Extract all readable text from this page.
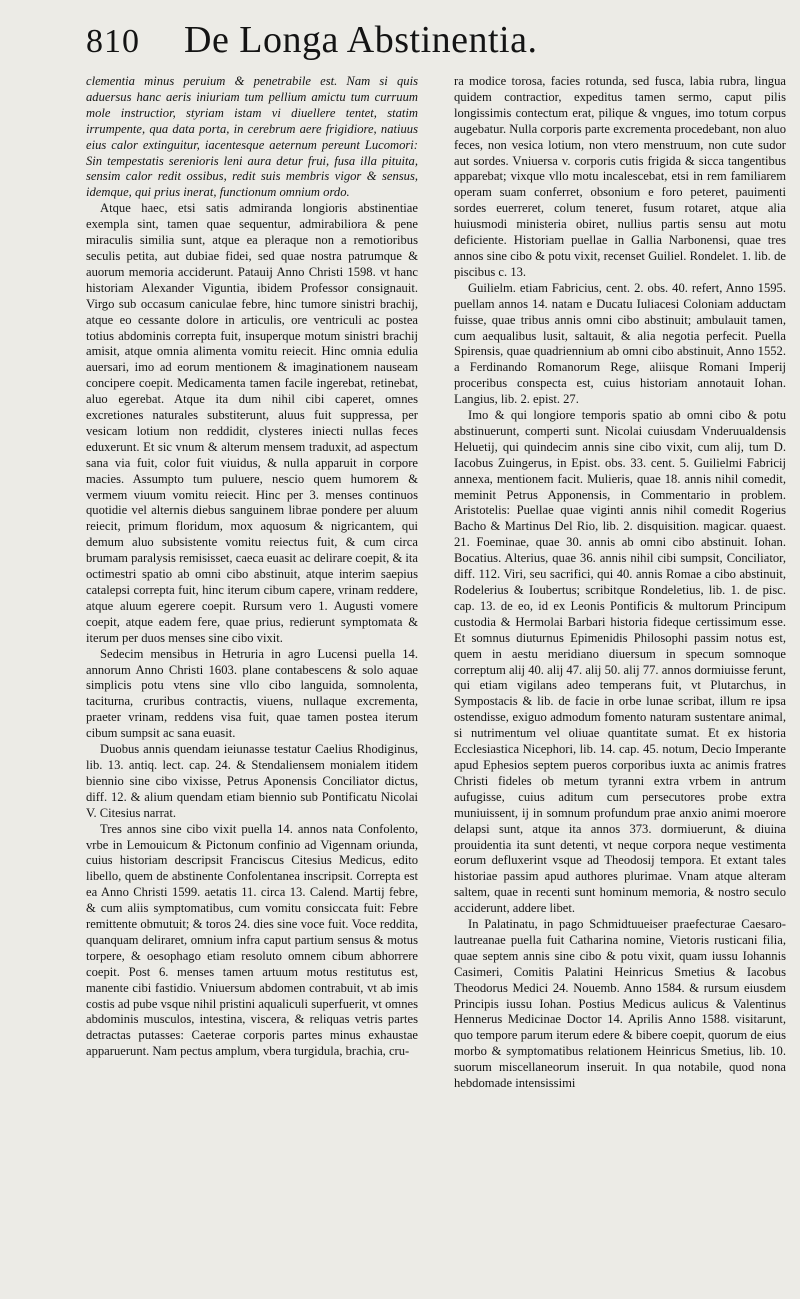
810 De Longa Abstinentia.

clementia minus peruium & penetrabile est. Nam si quis aduersus hanc aeris iniuriam tum pellium amictu tum curruum mole instructior, styriam istam vi diuellere tentet, statim irrumpente, qua data porta, in cerebrum aere frigidiore, natiuus eius calor extinguitur, iacentesque aeternum pereunt Lucomori: Sin tempestatis serenioris leni aura detur frui, fusa illa pituita, sensim calor redit ossibus, redit suis membris vigor & sensus, idemque, qui prius inerat, functionum omnium ordo.

Atque haec, etsi satis admiranda longioris abstinentiae exempla sint, tamen quae sequentur, admirabiliora & pene miraculis similia sunt, atque ea pleraque non a remotioribus seculis petita, aut dubiae fidei, sed quae nostra patrumque & auorum memoria acciderunt. Patauij Anno Christi 1598. vt hanc historiam Alexander Viguntia, ibidem Professor consignauit. Virgo sub occasum caniculae febre, hinc tumore sinistri brachij, atque eo cessante dolore in articulis, ore ventriculi ac postea totius abdominis correpta fuit, insuperque motum sinistri brachij amisit, atque omnia alimenta vomitu reiecit. Hinc omnia edulia auersari, imo ad eorum mentionem & imaginationem nauseam concipere coepit. Medicamenta tamen facile ingerebat, retinebat, aluo egerebat. Atque ita dum nihil cibi caperet, omnes excretiones naturales substiterunt, aluus fuit suppressa, per vesicam lotium non reddidit, clysteres iniecti nullas feces eduxerunt. Et sic vnum & alterum mensem traduxit, ad aspectum sana via fuit, color fuit viuidus, & nulla apparuit in corpore macies. Assumpto tum puluere, nescio quem humorem & vermem viuum vomitu reiecit. Hinc per 3. menses continuos quotidie vel alternis diebus sanguinem librae pondere per aluum reiecit, primum floridum, mox aquosum & nigricantem, qui demum aluo subsistente vomitu reiectus fuit, & cum circa brumam paralysis remisisset, caeca euasit ac delirare coepit, & ita octimestri spatio ab omni cibo abstinuit, atque interim saepius catalepsi correpta fuit, hinc iterum cibum capere, vrinam reddere, atque aluum egerere coepit. Rursum vero 1. Augusti vomere coepit, atque eadem fere, quae prius, redierunt symptomata & iterum per duos menses sine cibo vixit.

Sedecim mensibus in Hetruria in agro Lucensi puella 14. annorum Anno Christi 1603. plane contabescens & solo aquae simplicis potu vtens sine vllo cibo languida, somnolenta, taciturna, cruribus contractis, viuens, nullaque excrementa, praeter vrinam, reddens visa fuit, quae tamen postea iterum cibum sumpsit ac sana euasit.

Duobus annis quendam ieiunasse testatur Caelius Rhodiginus, lib. 13. antiq. lect. cap. 24. & Stendaliensem monialem itidem biennio sine cibo vixisse, Petrus Aponensis Conciliator dictus, diff. 12. & alium quendam etiam biennio sub Pontificatu Nicolai V. Citesius narrat.

Tres annos sine cibo vixit puella 14. annos nata Confolento, vrbe in Lemouicum & Pictonum confinio ad Vigennam oriunda, cuius historiam descripsit Franciscus Citesius Medicus, edito libello, quem de abstinente Confolentanea inscripsit. Correpta est ea Anno Christi 1599. aetatis 11. circa 13. Calend. Martij febre, & cum aliis symptomatibus, cum vomitu consiccata fuit: Febre remittente obmutuit; & toros 24. dies sine voce fuit. Voce reddita, quanquam deliraret, omnium infra caput partium sensus & motus torpere, & oesophago etiam resoluto omnem cibum abhorrere coepit. Post 6. menses tamen artuum motus restitutus est, manente cibi fastidio. Vniuersum abdomen contrabuit, vt ab imis costis ad pube vsque nihil pristini aqualiculi superfuerit, vt omnes abdominis musculos, intestina, viscera, & reliquas vetris partes detractas putasses: Caeterae corporis partes minus exhaustae apparuerunt. Nam pectus amplum, vbera turgidula, brachia, cru-

ra modice torosa, facies rotunda, sed fusca, labia rubra, lingua quidem contractior, expeditus tamen sermo, caput pilis longissimis contectum erat, pilique & vngues, imo totum corpus augebatur. Nulla corporis parte excrementa procedebant, non aluo feces, non vesica lotium, non vtero menstruum, non cute sudor aut sordes. Vniuersa v. corporis cutis frigida & sicca tangentibus apparebat; vixque vllo motu incalescebat, etsi in rem familiarem operam suam conferret, obsonium e foro peteret, pauimenti sordes euerreret, colum teneret, fusum rotaret, atque alia huiusmodi ministeria obiret, nullius partis sensu aut motu deficiente. Historiam puellae in Gallia Narbonensi, quae tres annos sine cibo & potu vixit, recenset Guiliel. Rondelet. 1. lib. de piscibus c. 13.

Guilielm. etiam Fabricius, cent. 2. obs. 40. refert, Anno 1595. puellam annos 14. natam e Ducatu Iuliacesi Coloniam adductam fuisse, quae tribus annis omni cibo abstinuit; ambulauit tamen, cum aequalibus lusit, saltauit, & alia negotia perfecit. Puella Spirensis, quae quadriennium ab omni cibo abstinuit, Anno 1552. a Ferdinando Romanorum Rege, aliisque Romani Imperij proceribus conspecta est, cuius historiam annotauit Iohan. Langius, lib. 2. epist. 27.

Imo & qui longiore temporis spatio ab omni cibo & potu abstinuerunt, comperti sunt. Nicolai cuiusdam Vnderuualdensis Heluetij, qui quindecim annis sine cibo vixit, cum alij, tum D. Iacobus Zuingerus, in Epist. obs. 33. cent. 5. Guilielmi Fabricij annexa, mentionem facit. Mulieris, quae 18. annis nihil comedit, meminit Petrus Apponensis, in Commentario in problem. Aristotelis: Puellae quae viginti annis nihil comedit Rogerius Bacho & Martinus Del Rio, lib. 2. disquisition. magicar. quaest. 21. Foeminae, quae 30. annis ab omni cibo abstinuit. Iohan. Bocatius. Alterius, quae 36. annis nihil cibi sumpsit, Conciliator, diff. 112. Viri, seu sacrifici, qui 40. annis Romae a cibo abstinuit, Rodelerius & Ioubertus; scribitque Rondeletius, lib. 1. de pisc. cap. 13. de eo, id ex Leonis Pontificis & multorum Principum custodia & Hermolai Barbari historia fideque certissimum esse. Et somnus diuturnus Epimenidis Philosophi passim notus est, quem in aestu meridiano diuersum in specum somnoque correptum alij 40. alij 47. alij 50. alij 77. annos dormiuisse ferunt, qui etiam vigilans adeo temperans fuit, vt Plutarchus, in Sympostacis & lib. de facie in orbe lunae scribat, illum re ipsa ostendisse, exiguo admodum fomento naturam sustentare animal, si nutrimentum vel oliuae quantitate sumat. Et ex historia Ecclesiastica Nicephori, lib. 14. cap. 45. notum, Decio Imperante apud Ephesios septem pueros corporibus iuxta ac animis fratres Christi fideles ob metum tyranni extra vrbem in antrum aufugisse, cuius aditum cum persecutores probe extra muniuissent, ij in somnum profundum prae anxio animi moerore delapsi sunt, atque ita annos 373. dormiuerunt, & diuina prouidentia ita sunt detenti, vt neque corpora neque vestimenta eorum defluxerint vsque ad Theodosij tempora. Et extant tales historiae passim apud authores plurimae. Vnam atque alteram saltem, quae in recenti sunt hominum memoria, & nostro seculo acciderunt, addere libet.

In Palatinatu, in pago Schmidtuueiser praefecturae Caesaro-lautreanae puella fuit Catharina nomine, Vietoris rusticani filia, quae septem annis sine cibo & potu vixit, quam iussu Iohannis Casimeri, Comitis Palatini Heinricus Smetius & Iacobus Theodorus Medici 24. Nouemb. Anno 1584. & rursum eiusdem Principis iussu Iohan. Postius Medicus aulicus & Valentinus Hennerus Medicinae Doctor 14. Aprilis Anno 1588. visitarunt, quo tempore parum iterum edere & bibere coepit, quorum de eius morbo & symptomatibus relationem Heinricus Smetius, lib. 10. suorum miscellaneorum inseruit. In qua notabile, quod nona hebdomade intensissimi
